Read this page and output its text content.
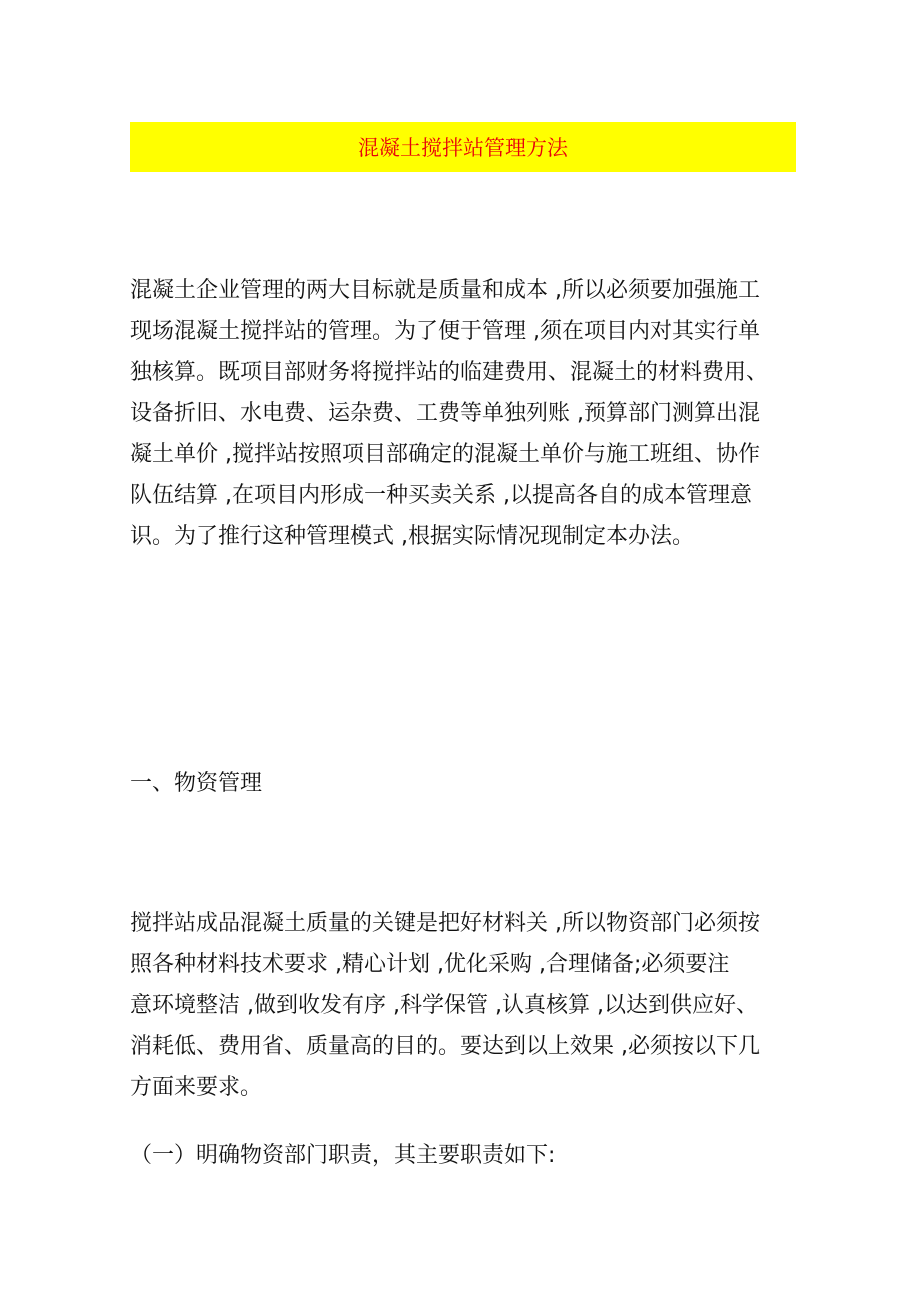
混凝土搅拌站管理方法

混凝土企业管理的两大目标就是质量和成本 ,所以必须要加强施工
现场混凝土搅拌站的管理。为了便于管理 ,须在项目内对其实行单
独核算。既项目部财务将搅拌站的临建费用、混凝土的材料费用、
设备折旧、水电费、运杂费、工费等单独列账 ,预算部门测算出混
凝土单价 ,搅拌站按照项目部确定的混凝土单价与施工班组、协作
队伍结算 ,在项目内形成一种买卖关系 ,以提高各自的成本管理意
识。为了推行这种管理模式 ,根据实际情况现制定本办法。

一、物资管理

搅拌站成品混凝土质量的关键是把好材料关 ,所以物资部门必须按
照各种材料技术要求 ,精心计划 ,优化采购 ,合理储备;必须要注
意环境整洁 ,做到收发有序 ,科学保管 ,认真核算 ,以达到供应好、
消耗低、费用省、质量高的目的。要达到以上效果 ,必须按以下几
方面来要求。

（一）明确物资部门职责，其主要职责如下:
